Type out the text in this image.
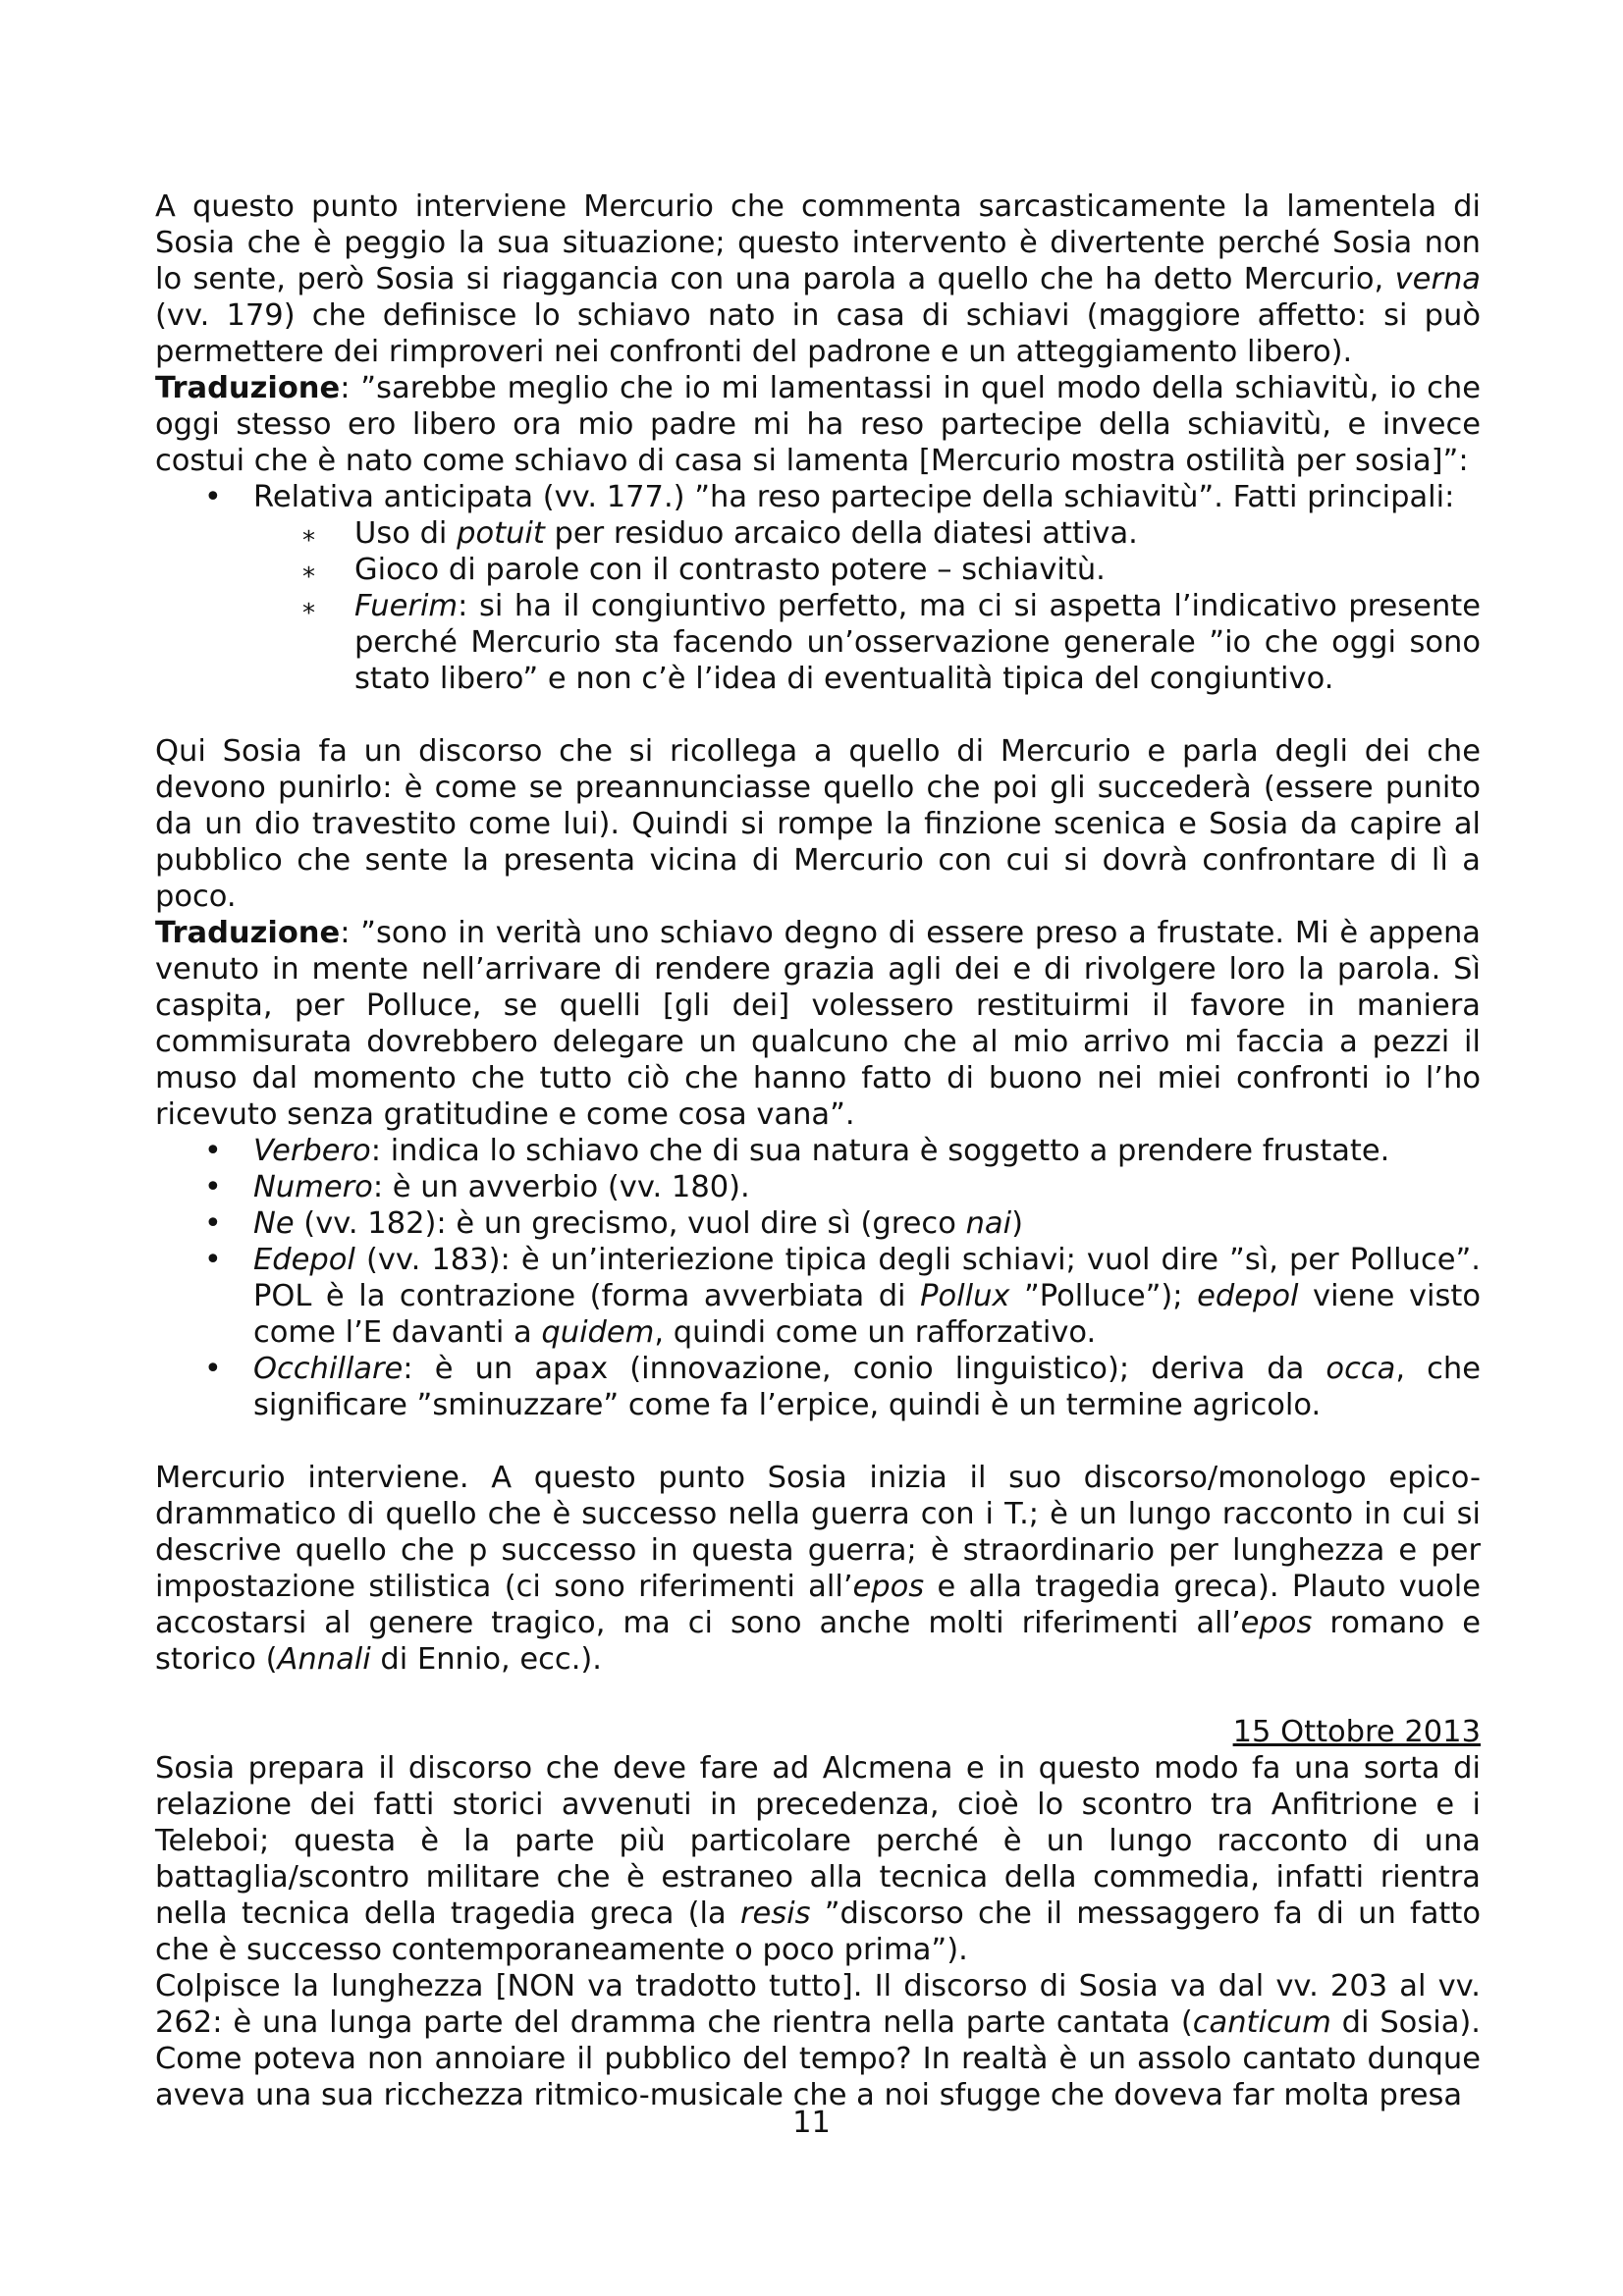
A questo punto interviene Mercurio che commenta sarcasticamente la lamentela di Sosia che è peggio la sua situazione; questo intervento è divertente perché Sosia non lo sente, però Sosia si riaggancia con una parola a quello che ha detto Mercurio, verna (vv. 179) che definisce lo schiavo nato in casa di schiavi (maggiore affetto: si può permettere dei rimproveri nei confronti del padrone e un atteggiamento libero).

Traduzione: ”sarebbe meglio che io mi lamentassi in quel modo della schiavitù, io che oggi stesso ero libero ora mio padre mi ha reso partecipe della schiavitù, e invece costui che è nato come schiavo di casa si lamenta [Mercurio mostra ostilità per sosia]”:

• Relativa anticipata (vv. 177.) ”ha reso partecipe della schiavitù”. Fatti principali:
⁎ Uso di potuit per residuo arcaico della diatesi attiva.
⁎ Gioco di parole con il contrasto potere – schiavitù.
⁎ Fuerim: si ha il congiuntivo perfetto, ma ci si aspetta l’indicativo presente perché Mercurio sta facendo un’osservazione generale ”io che oggi sono stato libero” e non c’è l’idea di eventualità tipica del congiuntivo.

Qui Sosia fa un discorso che si ricollega a quello di Mercurio e parla degli dei che devono punirlo: è come se preannunciasse quello che poi gli succederà (essere punito da un dio travestito come lui). Quindi si rompe la finzione scenica e Sosia da capire al pubblico che sente la presenta vicina di Mercurio con cui si dovrà confrontare di lì a poco.

Traduzione: ”sono in verità uno schiavo degno di essere preso a frustate. Mi è appena venuto in mente nell’arrivare di rendere grazia agli dei e di rivolgere loro la parola. Sì caspita, per Polluce, se quelli [gli dei] volessero restituirmi il favore in maniera commisurata dovrebbero delegare un qualcuno che al mio arrivo mi faccia a pezzi il muso dal momento che tutto ciò che hanno fatto di buono nei miei confronti io l’ho ricevuto senza gratitudine e come cosa vana”.

• Verbero: indica lo schiavo che di sua natura è soggetto a prendere frustate.
• Numero: è un avverbio (vv. 180).
• Ne (vv. 182): è un grecismo, vuol dire sì (greco nai)
• Edepol (vv. 183): è un’interiezione tipica degli schiavi; vuol dire ”sì, per Polluce”. POL è la contrazione (forma avverbiata di Pollux ”Polluce”); edepol viene visto come l’E davanti a quidem, quindi come un rafforzativo.
• Occhillare: è un apax (innovazione, conio linguistico); deriva da occa, che significare ”sminuzzare” come fa l’erpice, quindi è un termine agricolo.

Mercurio interviene. A questo punto Sosia inizia il suo discorso/monologo epico-drammatico di quello che è successo nella guerra con i T.; è un lungo racconto in cui si descrive quello che p successo in questa guerra; è straordinario per lunghezza e per impostazione stilistica (ci sono riferimenti all’epos e alla tragedia greca). Plauto vuole accostarsi al genere tragico, ma ci sono anche molti riferimenti all’epos romano e storico (Annali di Ennio, ecc.).

15 Ottobre 2013

Sosia prepara il discorso che deve fare ad Alcmena e in questo modo fa una sorta di relazione dei fatti storici avvenuti in precedenza, cioè lo scontro tra Anfitrione e i Teleboi; questa è la parte più particolare perché è un lungo racconto di una battaglia/scontro militare che è estraneo alla tecnica della commedia, infatti rientra nella tecnica della tragedia greca (la resis ”discorso che il messaggero fa di un fatto che è successo contemporaneamente o poco prima”).

Colpisce la lunghezza [NON va tradotto tutto]. Il discorso di Sosia va dal vv. 203 al vv. 262: è una lunga parte del dramma che rientra nella parte cantata (canticum di Sosia). Come poteva non annoiare il pubblico del tempo? In realtà è un assolo cantato dunque aveva una sua ricchezza ritmico-musicale che a noi sfugge che doveva far molta presa

11
